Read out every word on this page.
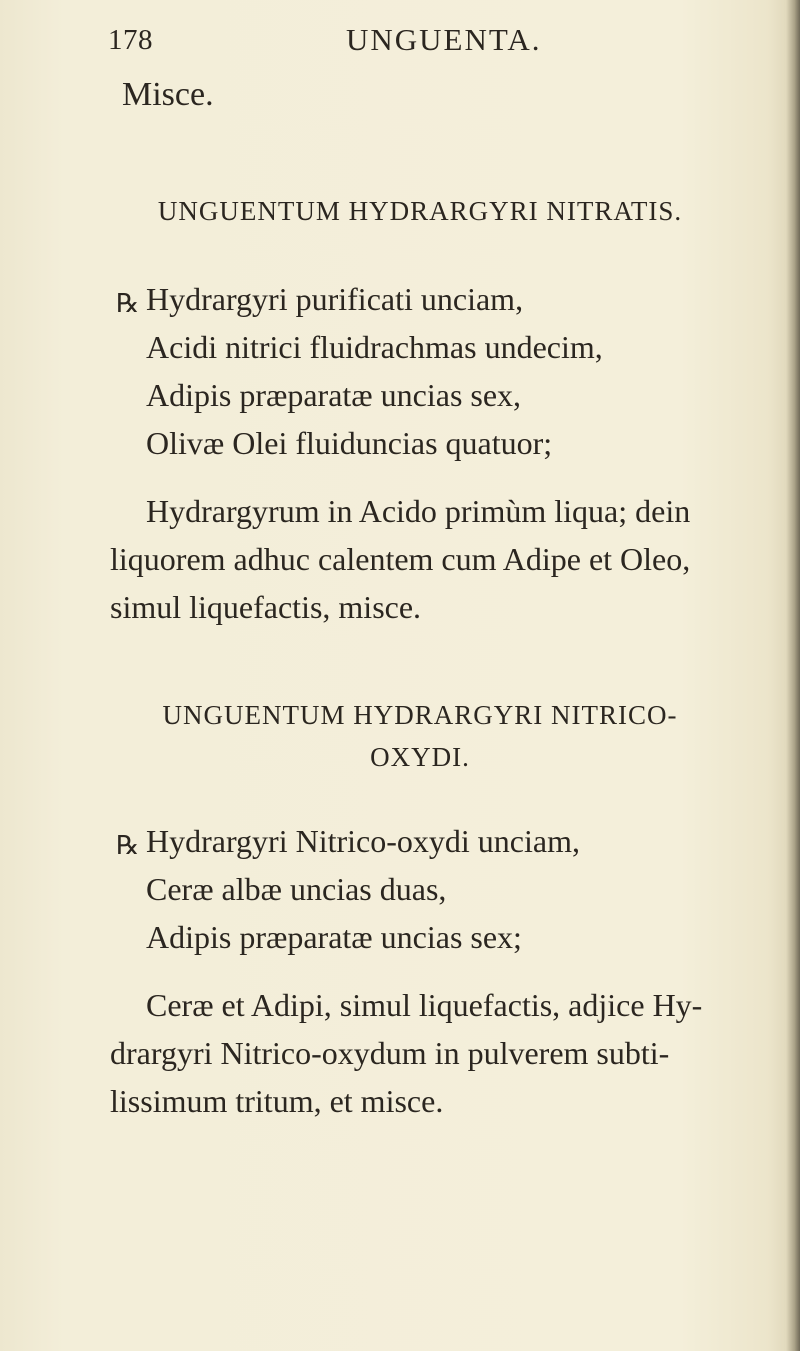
178	UNGUENTA.
Misce.
UNGUENTUM HYDRARGYRI NITRATIS.
℞ Hydrargyri purificati unciam,
Acidi nitrici fluidrachmas undecim,
Adipis præparatæ uncias sex,
Olivæ Olei fluiduncias quatuor;
Hydrargyrum in Acido primùm liqua; dein
liquorem adhuc calentem cum Adipe et Oleo,
simul liquefactis, misce.
UNGUENTUM HYDRARGYRI NITRICO-
OXYDI.
℞ Hydrargyri Nitrico-oxydi unciam,
Ceræ albæ uncias duas,
Adipis præparatæ uncias sex;
Ceræ et Adipi, simul liquefactis, adjice Hy-
drargyri Nitrico-oxydum in pulverem subti-
lissimum tritum, et misce.
